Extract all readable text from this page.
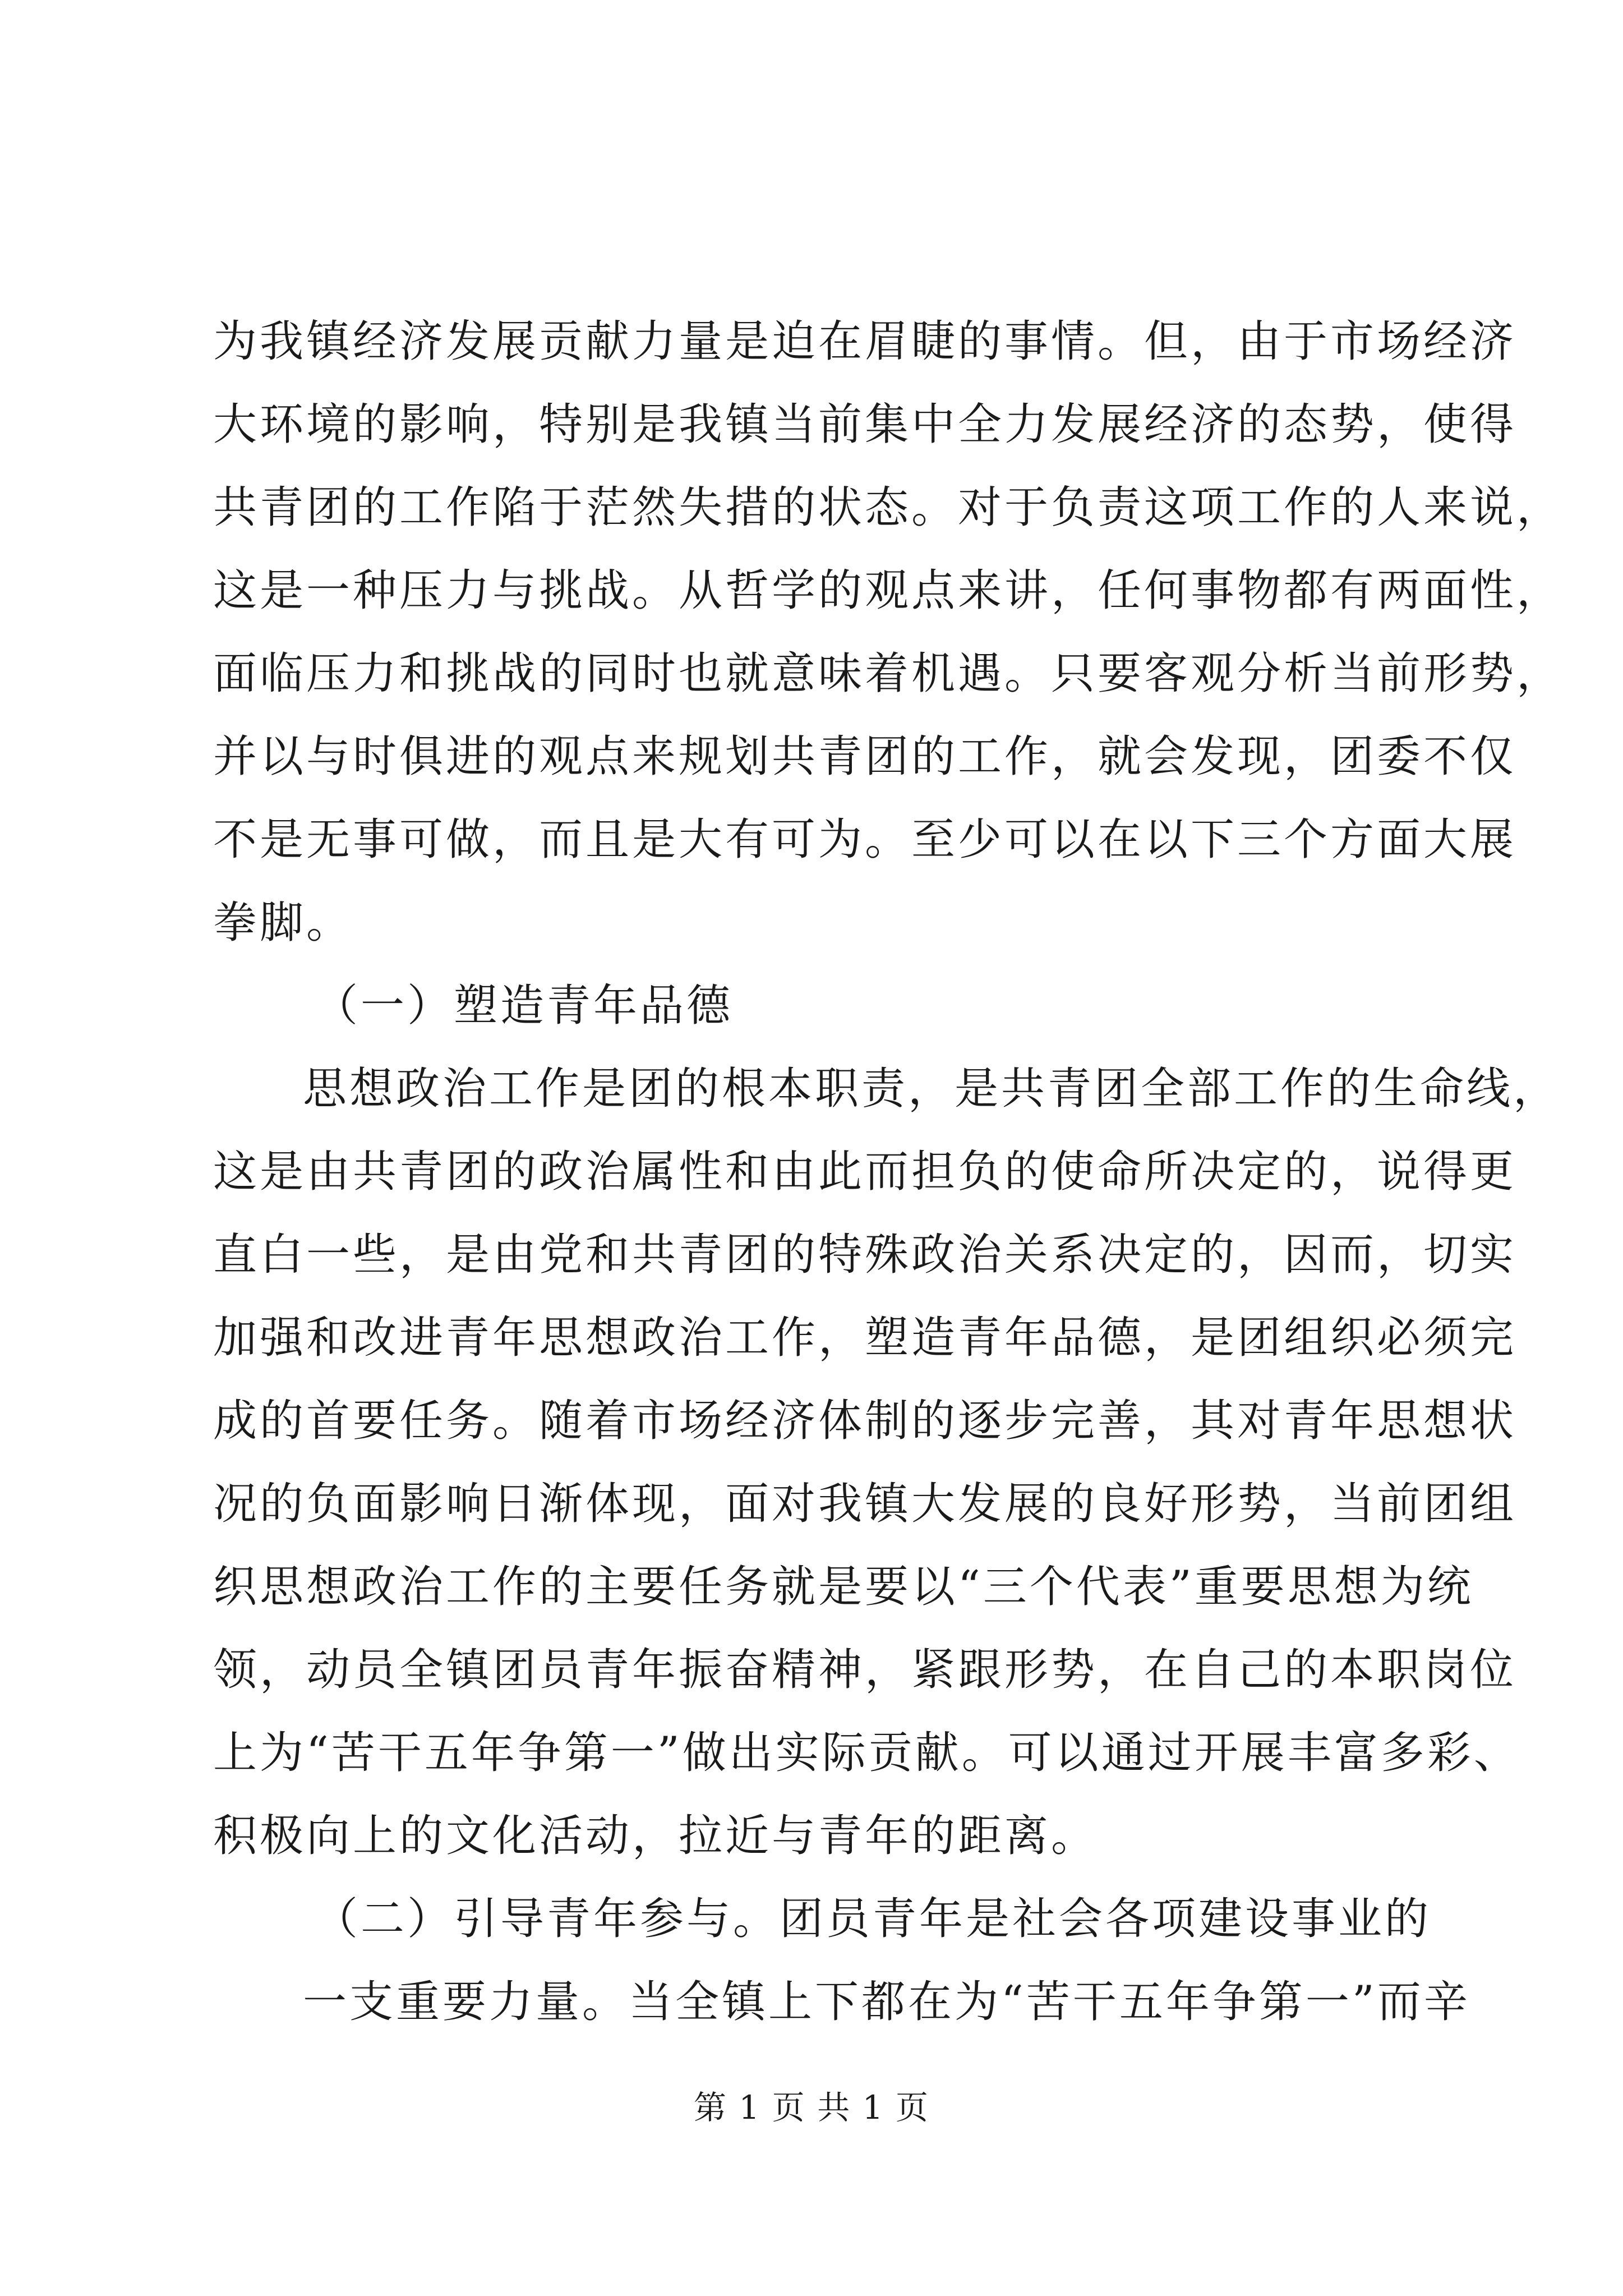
为我镇经济发展贡献力量是迫在眉睫的事情。但，由于市场经济
大环境的影响，特别是我镇当前集中全力发展经济的态势，使得
共青团的工作陷于茫然失措的状态。对于负责这项工作的人来说，
这是一种压力与挑战。从哲学的观点来讲，任何事物都有两面性，
面临压力和挑战的同时也就意味着机遇。只要客观分析当前形势，
并以与时俱进的观点来规划共青团的工作，就会发现，团委不仅
不是无事可做，而且是大有可为。至少可以在以下三个方面大展
拳脚。
（一）塑造青年品德
思想政治工作是团的根本职责，是共青团全部工作的生命线，
这是由共青团的政治属性和由此而担负的使命所决定的，说得更
直白一些，是由党和共青团的特殊政治关系决定的，因而，切实
加强和改进青年思想政治工作，塑造青年品德，是团组织必须完
成的首要任务。随着市场经济体制的逐步完善，其对青年思想状
况的负面影响日渐体现，面对我镇大发展的良好形势，当前团组
织思想政治工作的主要任务就是要以“三个代表”重要思想为统
领，动员全镇团员青年振奋精神，紧跟形势，在自己的本职岗位
上为“苦干五年争第一”做出实际贡献。可以通过开展丰富多彩、
积极向上的文化活动，拉近与青年的距离。
（二）引导青年参与。团员青年是社会各项建设事业的
一支重要力量。当全镇上下都在为“苦干五年争第一”而辛
第 1 页 共 1 页
